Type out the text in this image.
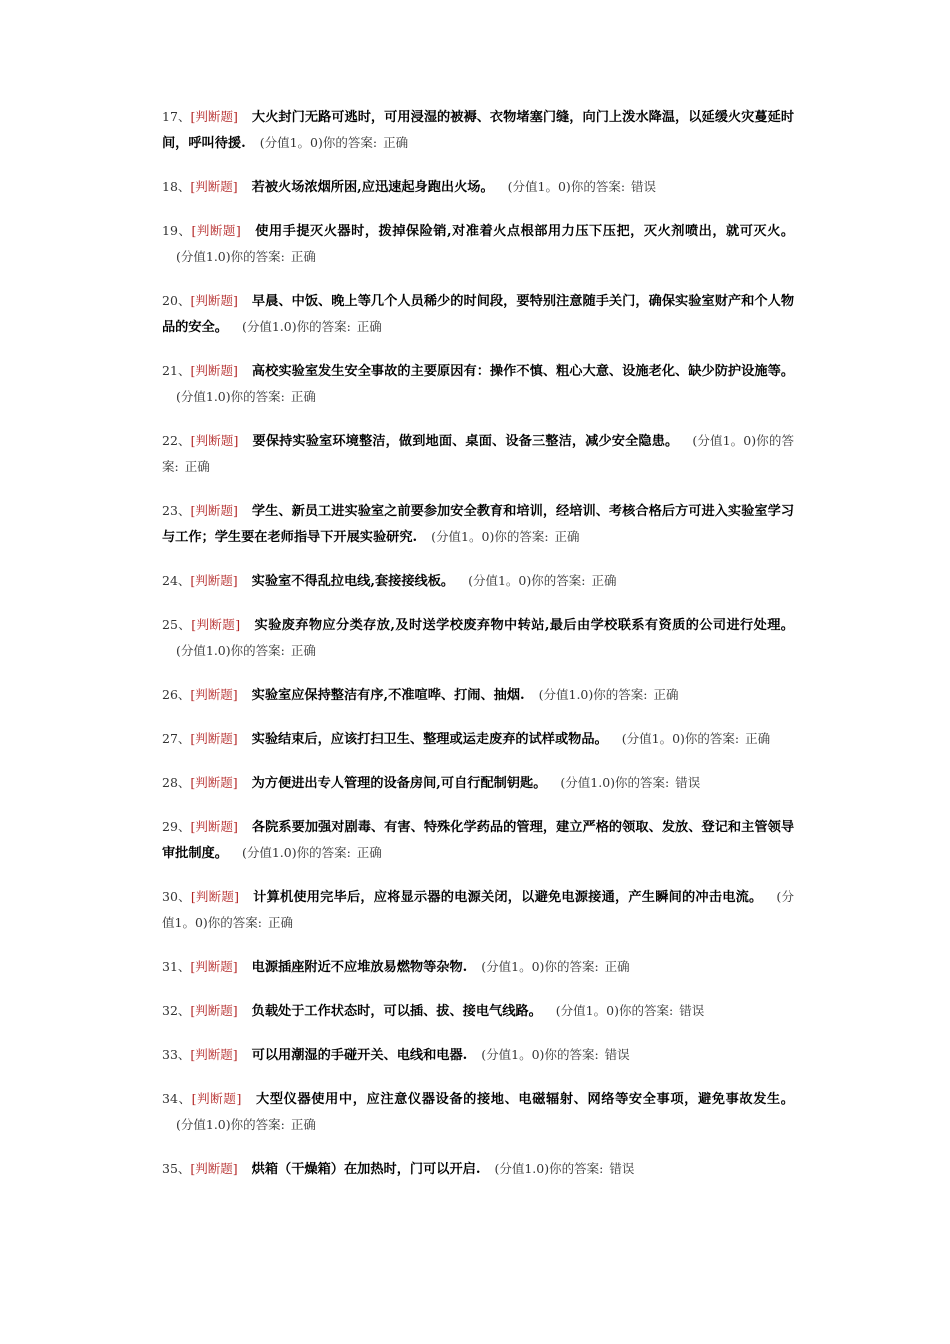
17、[判断题] 大火封门无路可逃时，可用浸湿的被褥、衣物堵塞门缝，向门上泼水降温，以延缓火灾蔓延时间，呼叫待援. (分值1。0)你的答案: 正确

18、[判断题] 若被火场浓烟所困,应迅速起身跑出火场。 (分值1。0)你的答案: 错误

19、[判断题] 使用手提灭火器时，拨掉保险销,对准着火点根部用力压下压把，灭火剂喷出，就可灭火。(分值1.0)你的答案: 正确

20、[判断题] 早晨、中饭、晚上等几个人员稀少的时间段，要特别注意随手关门，确保实验室财产和个人物品的安全。 (分值1.0)你的答案: 正确

21、[判断题] 高校实验室发生安全事故的主要原因有：操作不慎、粗心大意、设施老化、缺少防护设施等。(分值1.0)你的答案: 正确

22、[判断题] 要保持实验室环境整洁，做到地面、桌面、设备三整洁，减少安全隐患。 (分值1。0)你的答案: 正确

23、[判断题] 学生、新员工进实验室之前要参加安全教育和培训，经培训、考核合格后方可进入实验室学习与工作；学生要在老师指导下开展实验研究. (分值1。0)你的答案: 正确

24、[判断题] 实验室不得乱拉电线,套接接线板。 (分值1。0)你的答案: 正确

25、[判断题] 实验废弃物应分类存放,及时送学校废弃物中转站,最后由学校联系有资质的公司进行处理。(分值1.0)你的答案: 正确

26、[判断题] 实验室应保持整洁有序,不准喧哗、打闹、抽烟. (分值1.0)你的答案: 正确

27、[判断题] 实验结束后，应该打扫卫生、整理或运走废弃的试样或物品。 (分值1。0)你的答案: 正确

28、[判断题] 为方便进出专人管理的设备房间,可自行配制钥匙。 (分值1.0)你的答案: 错误

29、[判断题] 各院系要加强对剧毒、有害、特殊化学药品的管理，建立严格的领取、发放、登记和主管领导审批制度。 (分值1.0)你的答案: 正确

30、[判断题] 计算机使用完毕后，应将显示器的电源关闭，以避免电源接通，产生瞬间的冲击电流。 (分值1。0)你的答案: 正确

31、[判断题] 电源插座附近不应堆放易燃物等杂物. (分值1。0)你的答案: 正确

32、[判断题] 负载处于工作状态时，可以插、拔、接电气线路。 (分值1。0)你的答案: 错误

33、[判断题] 可以用潮湿的手碰开关、电线和电器. (分值1。0)你的答案: 错误

34、[判断题] 大型仪器使用中，应注意仪器设备的接地、电磁辐射、网络等安全事项，避免事故发生。(分值1.0)你的答案: 正确

35、[判断题] 烘箱（干燥箱）在加热时，门可以开启. (分值1.0)你的答案: 错误
